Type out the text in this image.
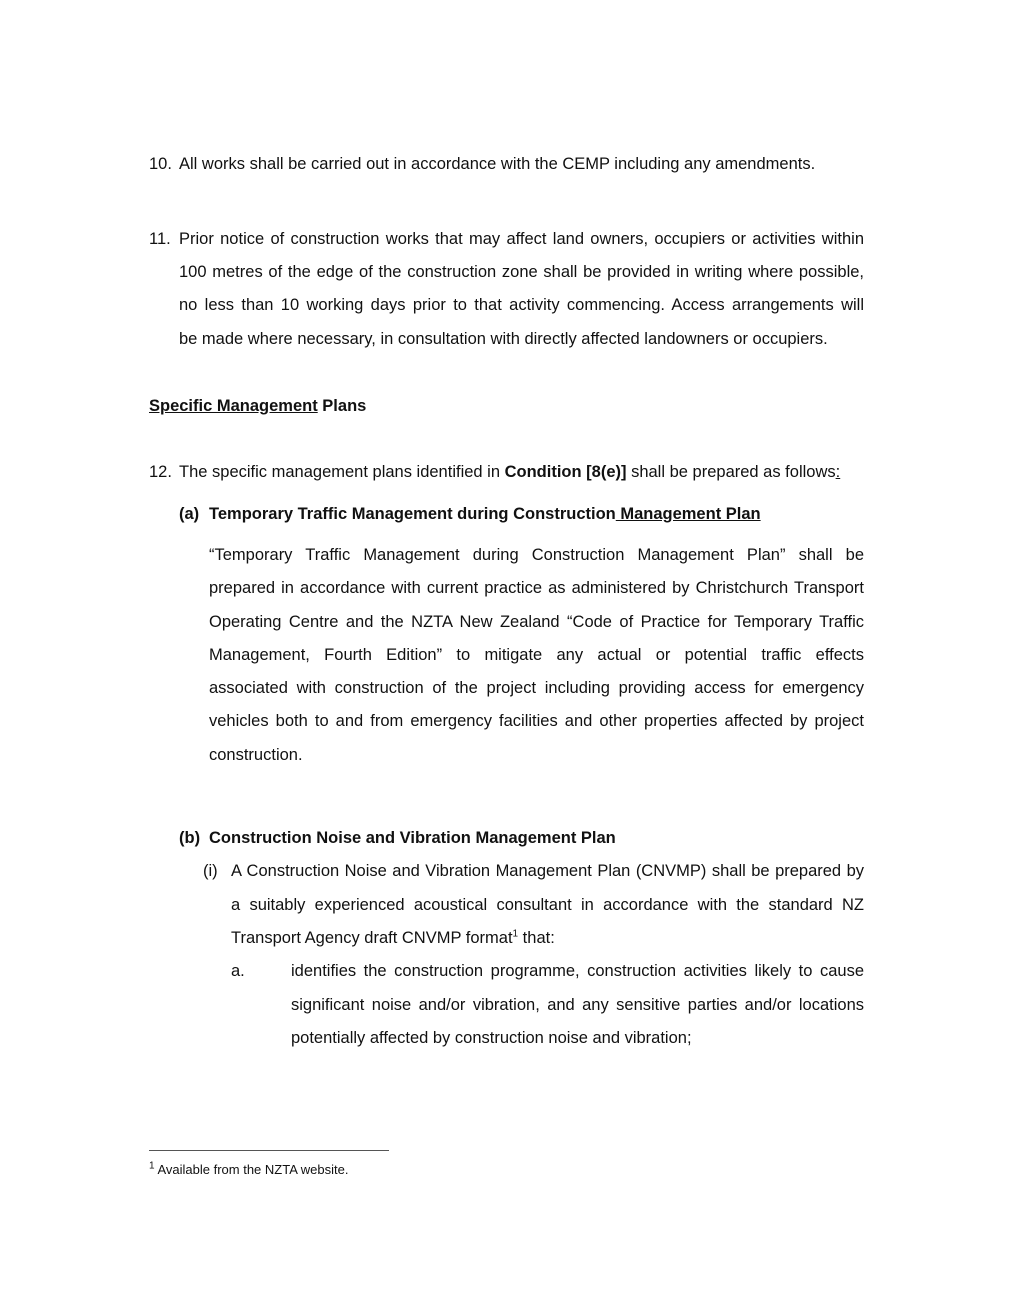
10. All works shall be carried out in accordance with the CEMP including any amendments.
11. Prior notice of construction works that may affect land owners, occupiers or activities within
100 metres of the edge of the construction zone shall be provided in writing where possible,
no less than 10 working days prior to that activity commencing. Access arrangements will
be made where necessary, in consultation with directly affected landowners or occupiers.
Specific Management Plans
12. The specific management plans identified in Condition [8(e)] shall be prepared as follows:
(a) Temporary Traffic Management during Construction Management Plan
“Temporary Traffic Management during Construction Management Plan” shall be
prepared in accordance with current practice as administered by Christchurch Transport
Operating Centre and the NZTA New Zealand “Code of Practice for Temporary Traffic
Management, Fourth Edition” to mitigate any actual or potential traffic effects
associated with construction of the project including providing access for emergency
vehicles both to and from emergency facilities and other properties affected by project
construction.
(b) Construction Noise and Vibration Management Plan
(i) A Construction Noise and Vibration Management Plan (CNVMP) shall be prepared by
a suitably experienced acoustical consultant in accordance with the standard NZ
Transport Agency draft CNVMP format$^1$ that:
a.	identifies the construction programme, construction activities likely to cause
significant noise and/or vibration, and any sensitive parties and/or locations
potentially affected by construction noise and vibration;
$^1$ Available from the NZTA website.
